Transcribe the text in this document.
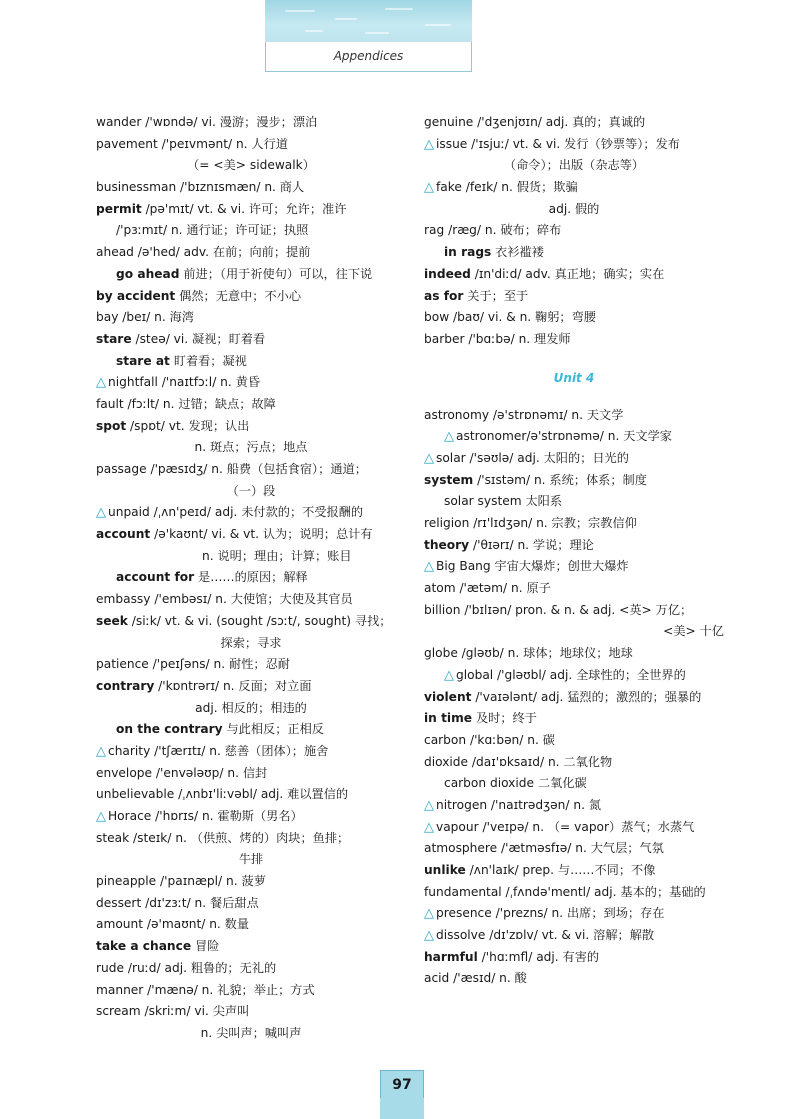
Appendices
wander /'wɒndə/ vi. 漫游；漫步；漂泊
pavement /'peɪvmənt/ n. 人行道
（= <美> sidewalk）
businessman /'bɪznɪsmæn/ n. 商人
permit /pə'mɪt/ vt. & vi. 许可；允许；准许
/'pɜːmɪt/ n. 通行证；许可证；执照
ahead /ə'hed/ adv. 在前；向前；提前
go ahead 前进；（用于祈使句）可以，往下说
by accident 偶然；无意中；不小心
bay /beɪ/ n. 海湾
stare /steə/ vi. 凝视；盯着看
stare at 盯着看；凝视
△ nightfall /'naɪtfɔːl/ n. 黄昏
fault /fɔːlt/ n. 过错；缺点；故障
spot /spɒt/ vt. 发现；认出
n. 斑点；污点；地点
passage /'pæsɪdʒ/ n. 船费（包括食宿）；通道；
（一）段
△ unpaid /ˌʌn'peɪd/ adj. 未付款的；不受报酬的
account /ə'kaʊnt/ vi. & vt. 认为；说明；总计有
n. 说明；理由；计算；账目
account for 是……的原因；解释
embassy /'embəsɪ/ n. 大使馆；大使及其官员
seek /siːk/ vt. & vi. (sought /sɔːt/, sought) 寻找；
探索；寻求
patience /'peɪʃəns/ n. 耐性；忍耐
contrary /'kɒntrərɪ/ n. 反面；对立面
adj. 相反的；相违的
on the contrary 与此相反；正相反
△ charity /'tʃærɪtɪ/ n. 慈善（团体）；施舍
envelope /'envələʊp/ n. 信封
unbelievable /ˌʌnbɪ'liːvəbl/ adj. 难以置信的
△ Horace /'hɒrɪs/ n. 霍勒斯（男名）
steak /steɪk/ n. （供煎、烤的）肉块；鱼排；
牛排
pineapple /'paɪnæpl/ n. 菠萝
dessert /dɪ'zɜːt/ n. 餐后甜点
amount /ə'maʊnt/ n. 数量
take a chance 冒险
rude /ruːd/ adj. 粗鲁的；无礼的
manner /'mænə/ n. 礼貌；举止；方式
scream /skriːm/ vi. 尖声叫
n. 尖叫声；喊叫声
genuine /'dʒenjʊɪn/ adj. 真的；真诚的
△ issue /'ɪsjuː/ vt. & vi. 发行（钞票等）；发布
（命令）；出版（杂志等）
△ fake /feɪk/ n. 假货；欺骗
adj. 假的
rag /ræg/ n. 破布；碎布
in rags 衣衫褴褛
indeed /ɪn'diːd/ adv. 真正地；确实；实在
as for 关于；至于
bow /baʊ/ vi. & n. 鞠躬；弯腰
barber /'bɑːbə/ n. 理发师
Unit 4
astronomy /ə'strɒnəmɪ/ n. 天文学
△ astronomer/ə'strɒnəmə/ n. 天文学家
△ solar /'səʊlə/ adj. 太阳的；日光的
system /'sɪstəm/ n. 系统；体系；制度
solar system 太阳系
religion /rɪ'lɪdʒən/ n. 宗教；宗教信仰
theory /'θɪərɪ/ n. 学说；理论
△ Big Bang 宇宙大爆炸；创世大爆炸
atom /'ætəm/ n. 原子
billion /'bɪlɪən/ pron. & n. & adj. <英> 万亿；
<美> 十亿
globe /gləʊb/ n. 球体；地球仪；地球
△ global /'gləʊbl/ adj. 全球性的；全世界的
violent /'vaɪələnt/ adj. 猛烈的；激烈的；强暴的
in time 及时；终于
carbon /'kɑːbən/ n. 碳
dioxide /daɪ'ɒksaɪd/ n. 二氧化物
carbon dioxide 二氧化碳
△ nitrogen /'naɪtrədʒən/ n. 氮
△ vapour /'veɪpə/ n. （= vapor）蒸气；水蒸气
atmosphere /'ætməsfɪə/ n. 大气层；气氛
unlike /ʌn'laɪk/ prep. 与……不同；不像
fundamental /ˌfʌndə'mentl/ adj. 基本的；基础的
△ presence /'prezns/ n. 出席；到场；存在
△ dissolve /dɪ'zɒlv/ vt. & vi. 溶解；解散
harmful /'hɑːmfl/ adj. 有害的
acid /'æsɪd/ n. 酸
97
